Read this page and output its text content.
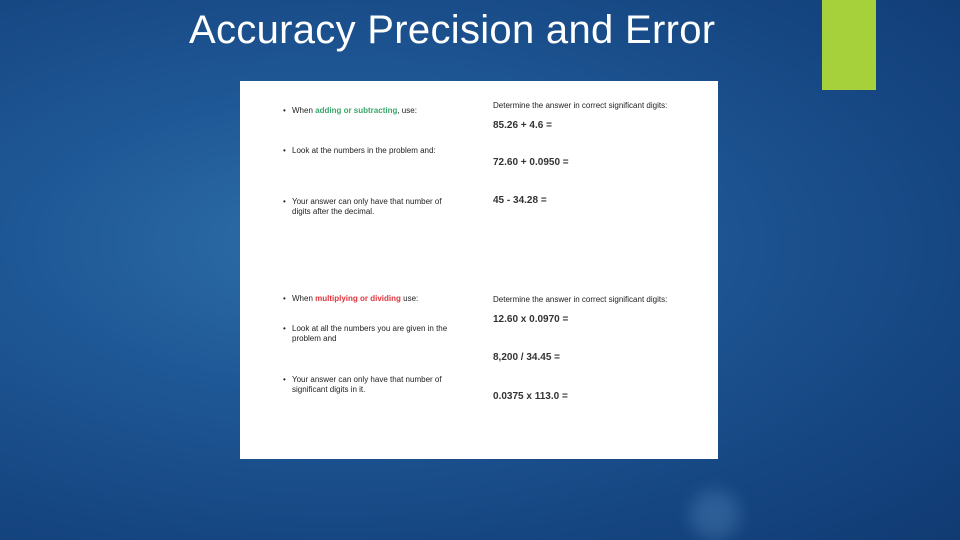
Accuracy Precision and Error
• When adding or subtracting, use:
• Look at the numbers in the problem and:
• Your answer can only have that number of digits after the decimal.
Determine the answer in correct significant digits:
85.26 + 4.6 =
72.60 + 0.0950 =
45 - 34.28 =
• When multiplying or dividing use:
• Look at all the numbers you are given in the problem and
• Your answer can only have that number of significant digits in it.
Determine the answer in correct significant digits:
12.60 x 0.0970 =
8,200 / 34.45 =
0.0375 x 113.0 =
